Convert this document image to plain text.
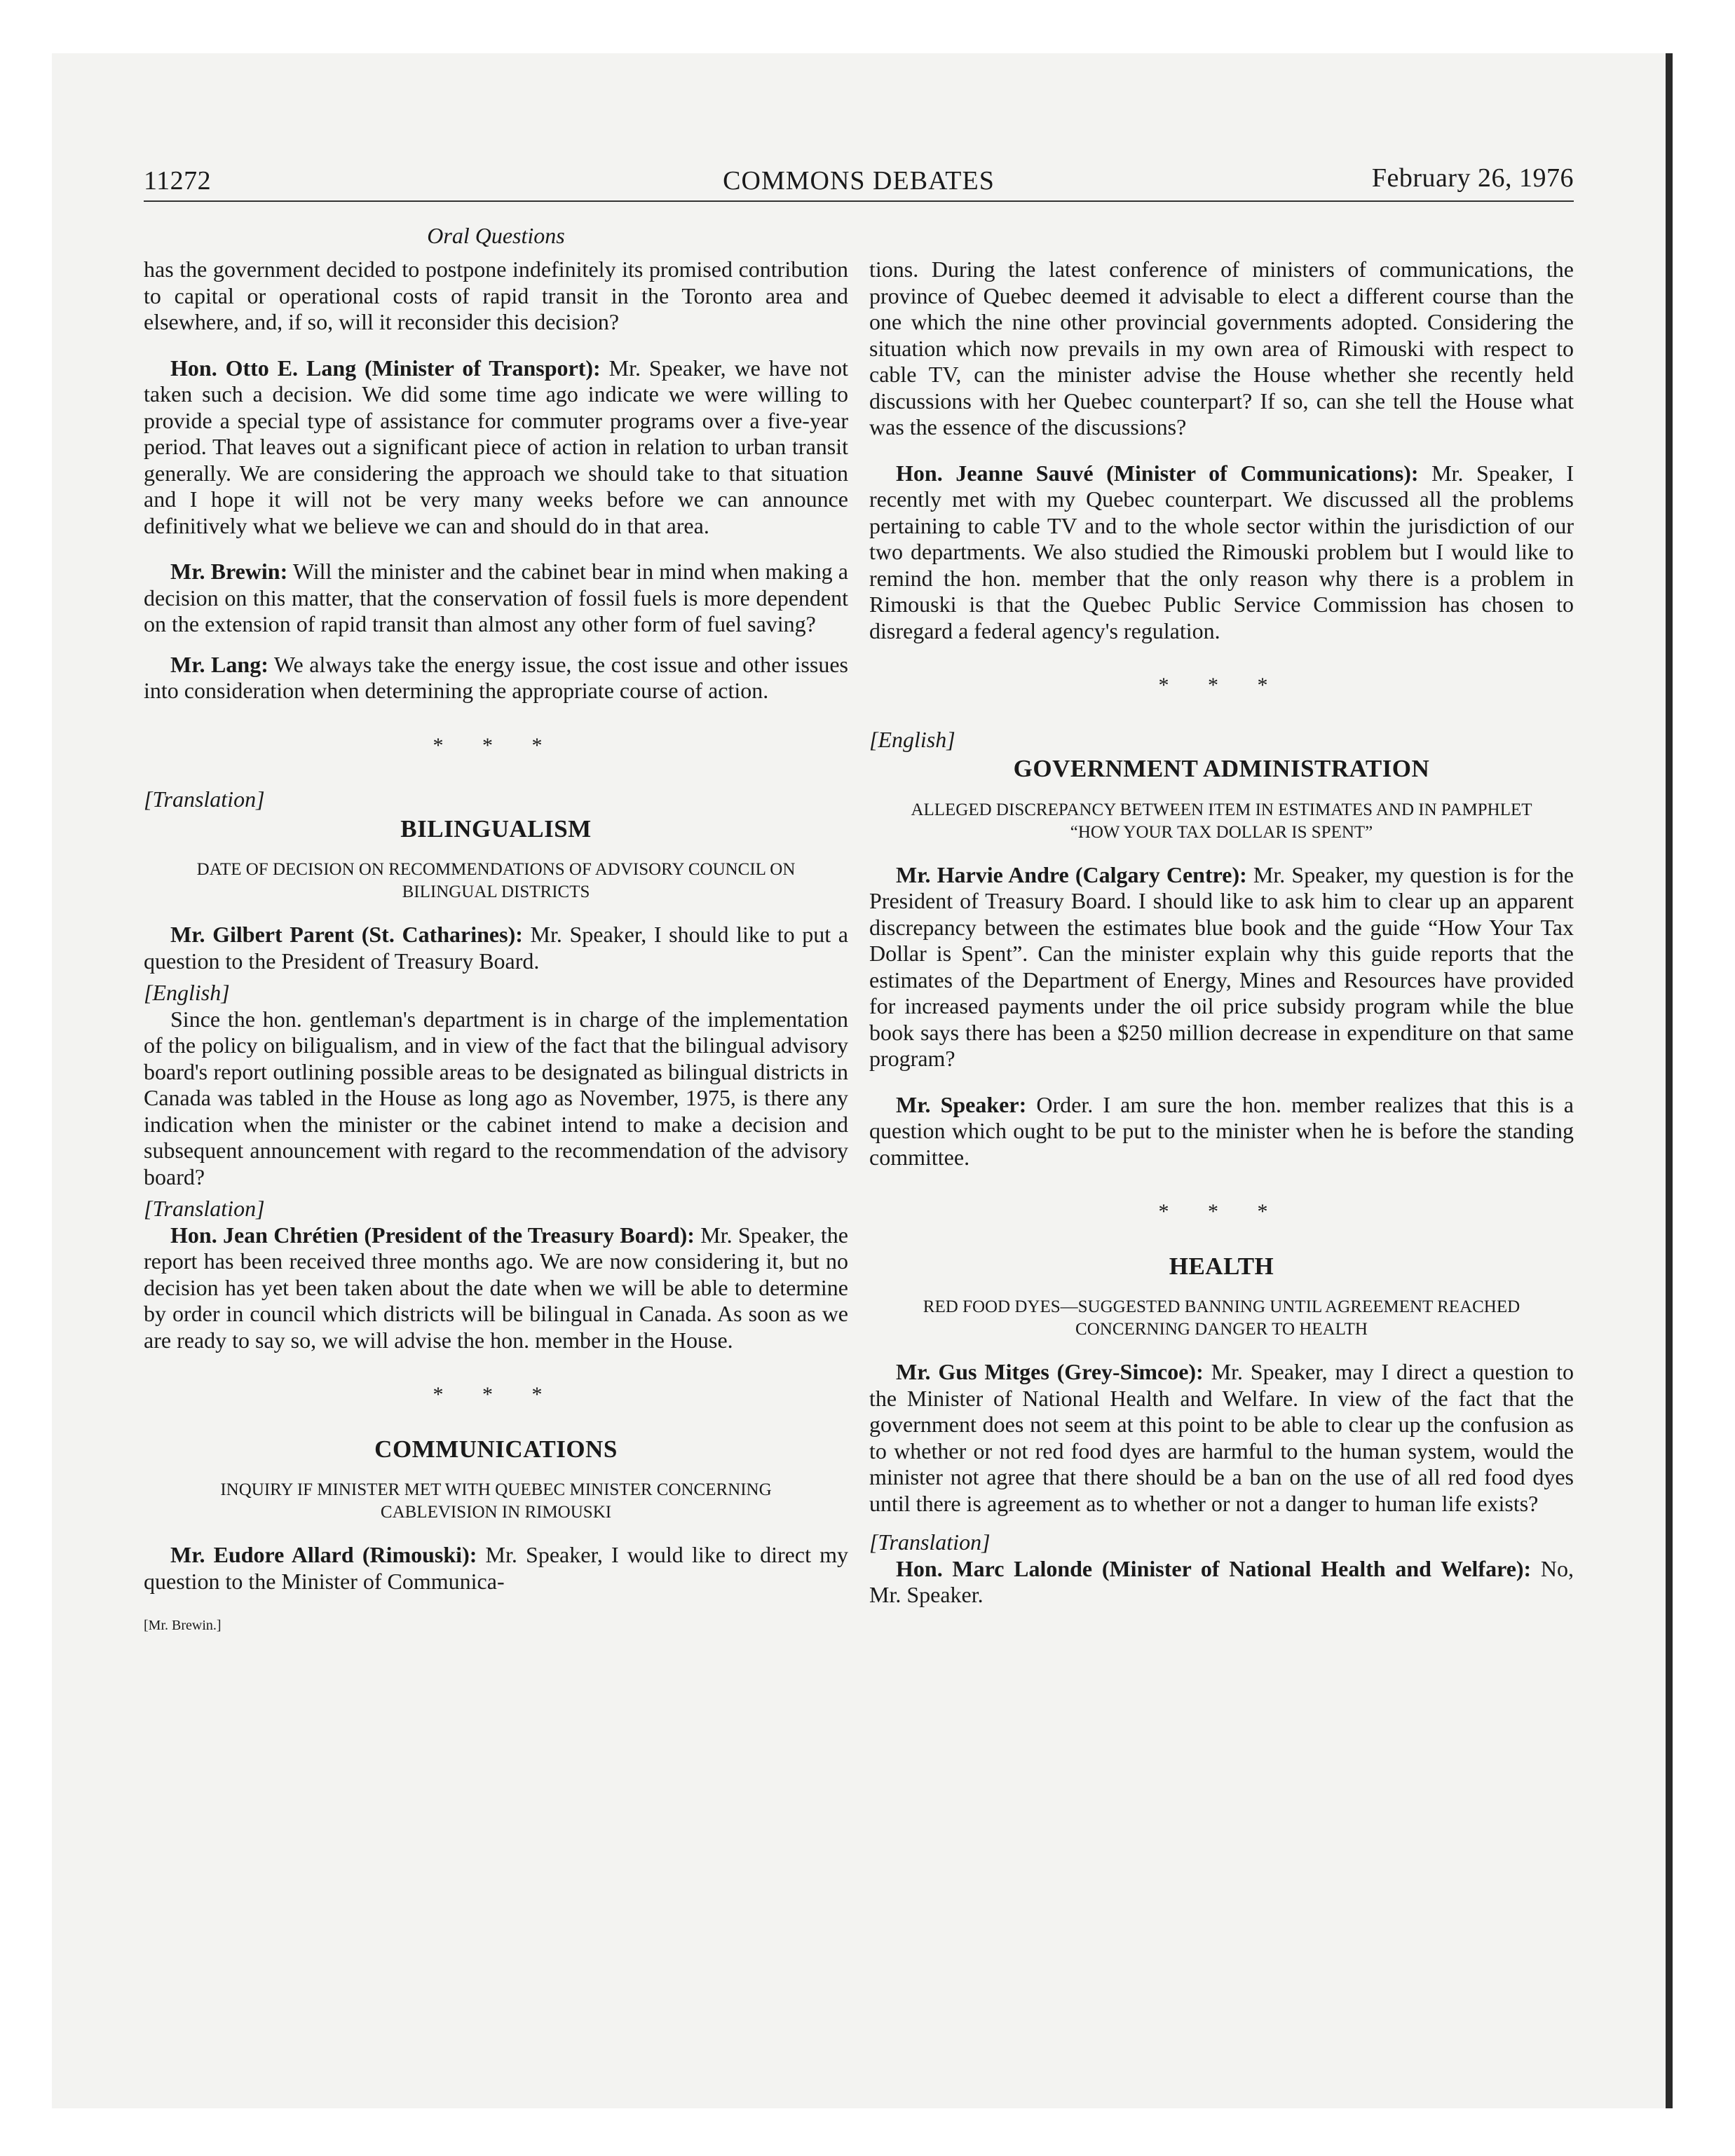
11272	COMMONS DEBATES	February 26, 1976
Oral Questions

has the government decided to postpone indefinitely its promised contribution to capital or operational costs of rapid transit in the Toronto area and elsewhere, and, if so, will it reconsider this decision?

Hon. Otto E. Lang (Minister of Transport): Mr. Speaker, we have not taken such a decision. We did some time ago indicate we were willing to provide a special type of assistance for commuter programs over a five-year period. That leaves out a significant piece of action in relation to urban transit generally. We are considering the approach we should take to that situation and I hope it will not be very many weeks before we can announce definitively what we believe we can and should do in that area.

Mr. Brewin: Will the minister and the cabinet bear in mind when making a decision on this matter, that the conservation of fossil fuels is more dependent on the extension of rapid transit than almost any other form of fuel saving?

Mr. Lang: We always take the energy issue, the cost issue and other issues into consideration when determining the appropriate course of action.

* * *
[Translation]
BILINGUALISM
DATE OF DECISION ON RECOMMENDATIONS OF ADVISORY COUNCIL ON BILINGUAL DISTRICTS

Mr. Gilbert Parent (St. Catharines): Mr. Speaker, I should like to put a question to the President of Treasury Board.

[English]

Since the hon. gentleman's department is in charge of the implementation of the policy on biligualism, and in view of the fact that the bilingual advisory board's report outlining possible areas to be designated as bilingual districts in Canada was tabled in the House as long ago as November, 1975, is there any indication when the minister or the cabinet intend to make a decision and subsequent announcement with regard to the recommendation of the advisory board?

[Translation]

Hon. Jean Chrétien (President of the Treasury Board): Mr. Speaker, the report has been received three months ago. We are now considering it, but no decision has yet been taken about the date when we will be able to determine by order in council which districts will be bilingual in Canada. As soon as we are ready to say so, we will advise the hon. member in the House.

* * *
COMMUNICATIONS
INQUIRY IF MINISTER MET WITH QUEBEC MINISTER CONCERNING CABLEVISION IN RIMOUSKI

Mr. Eudore Allard (Rimouski): Mr. Speaker, I would like to direct my question to the Minister of Communica-

[Mr. Brewin.]

tions. During the latest conference of ministers of communications, the province of Quebec deemed it advisable to elect a different course than the one which the nine other provincial governments adopted. Considering the situation which now prevails in my own area of Rimouski with respect to cable TV, can the minister advise the House whether she recently held discussions with her Quebec counterpart? If so, can she tell the House what was the essence of the discussions?

Hon. Jeanne Sauvé (Minister of Communications): Mr. Speaker, I recently met with my Quebec counterpart. We discussed all the problems pertaining to cable TV and to the whole sector within the jurisdiction of our two departments. We also studied the Rimouski problem but I would like to remind the hon. member that the only reason why there is a problem in Rimouski is that the Quebec Public Service Commission has chosen to disregard a federal agency's regulation.

* * *
[English]
GOVERNMENT ADMINISTRATION
ALLEGED DISCREPANCY BETWEEN ITEM IN ESTIMATES AND IN PAMPHLET “HOW YOUR TAX DOLLAR IS SPENT”

Mr. Harvie Andre (Calgary Centre): Mr. Speaker, my question is for the President of Treasury Board. I should like to ask him to clear up an apparent discrepancy between the estimates blue book and the guide “How Your Tax Dollar is Spent”. Can the minister explain why this guide reports that the estimates of the Department of Energy, Mines and Resources have provided for increased payments under the oil price subsidy program while the blue book says there has been a $250 million decrease in expenditure on that same program?

Mr. Speaker: Order. I am sure the hon. member realizes that this is a question which ought to be put to the minister when he is before the standing committee.

* * *
HEALTH
RED FOOD DYES—SUGGESTED BANNING UNTIL AGREEMENT REACHED CONCERNING DANGER TO HEALTH

Mr. Gus Mitges (Grey-Simcoe): Mr. Speaker, may I direct a question to the Minister of National Health and Welfare. In view of the fact that the government does not seem at this point to be able to clear up the confusion as to whether or not red food dyes are harmful to the human system, would the minister not agree that there should be a ban on the use of all red food dyes until there is agreement as to whether or not a danger to human life exists?

[Translation]

Hon. Marc Lalonde (Minister of National Health and Welfare): No, Mr. Speaker.
